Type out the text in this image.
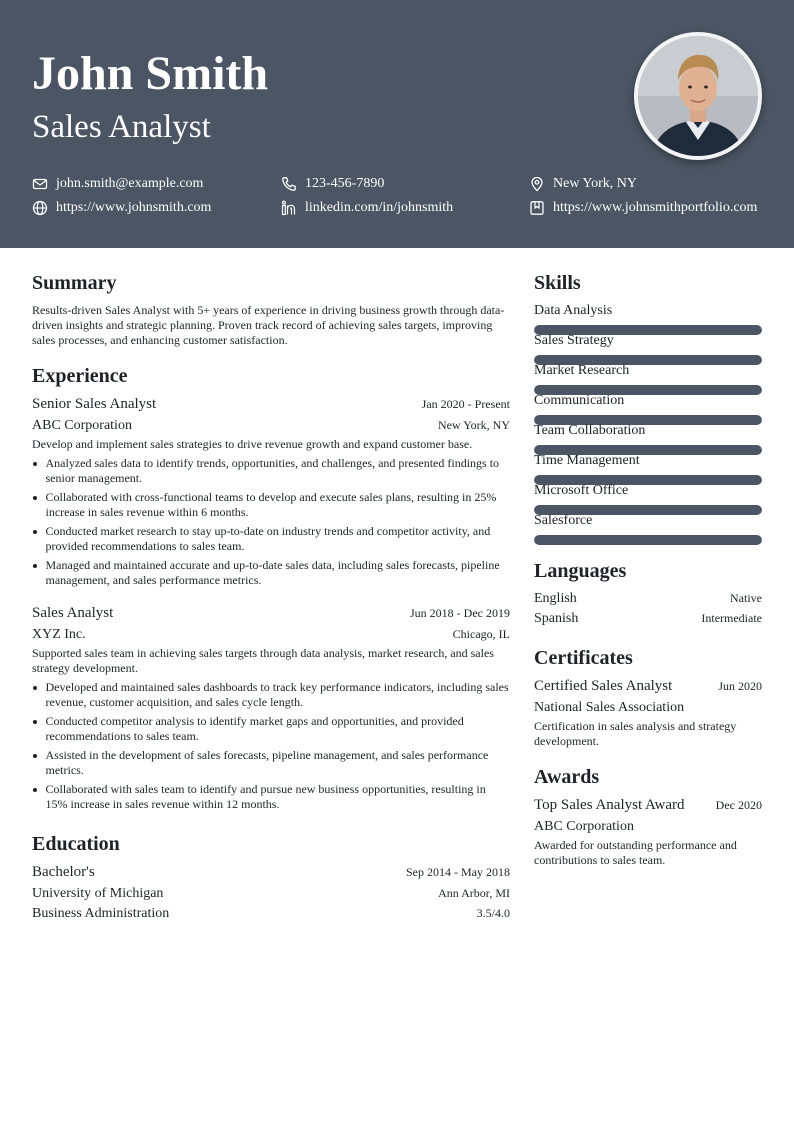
John Smith
Sales Analyst
john.smith@example.com	123-456-7890	New York, NY
https://www.johnsmith.com	linkedin.com/in/johnsmith	https://www.johnsmithportfolio.com
Summary
Results-driven Sales Analyst with 5+ years of experience in driving business growth through data-driven insights and strategic planning. Proven track record of achieving sales targets, improving sales processes, and enhancing customer satisfaction.
Experience
Senior Sales Analyst	Jan 2020 - Present
ABC Corporation	New York, NY
Develop and implement sales strategies to drive revenue growth and expand customer base.
Analyzed sales data to identify trends, opportunities, and challenges, and presented findings to senior management.
Collaborated with cross-functional teams to develop and execute sales plans, resulting in 25% increase in sales revenue within 6 months.
Conducted market research to stay up-to-date on industry trends and competitor activity, and provided recommendations to sales team.
Managed and maintained accurate and up-to-date sales data, including sales forecasts, pipeline management, and sales performance metrics.
Sales Analyst	Jun 2018 - Dec 2019
XYZ Inc.	Chicago, IL
Supported sales team in achieving sales targets through data analysis, market research, and sales strategy development.
Developed and maintained sales dashboards to track key performance indicators, including sales revenue, customer acquisition, and sales cycle length.
Conducted competitor analysis to identify market gaps and opportunities, and provided recommendations to sales team.
Assisted in the development of sales forecasts, pipeline management, and sales performance metrics.
Collaborated with sales team to identify and pursue new business opportunities, resulting in 15% increase in sales revenue within 12 months.
Education
Bachelor's	Sep 2014 - May 2018
University of Michigan	Ann Arbor, MI
Business Administration	3.5/4.0
Skills
Data Analysis
Sales Strategy
Market Research
Communication
Team Collaboration
Time Management
Microsoft Office
Salesforce
Languages
English	Native
Spanish	Intermediate
Certificates
Certified Sales Analyst	Jun 2020
National Sales Association
Certification in sales analysis and strategy development.
Awards
Top Sales Analyst Award	Dec 2020
ABC Corporation
Awarded for outstanding performance and contributions to sales team.
